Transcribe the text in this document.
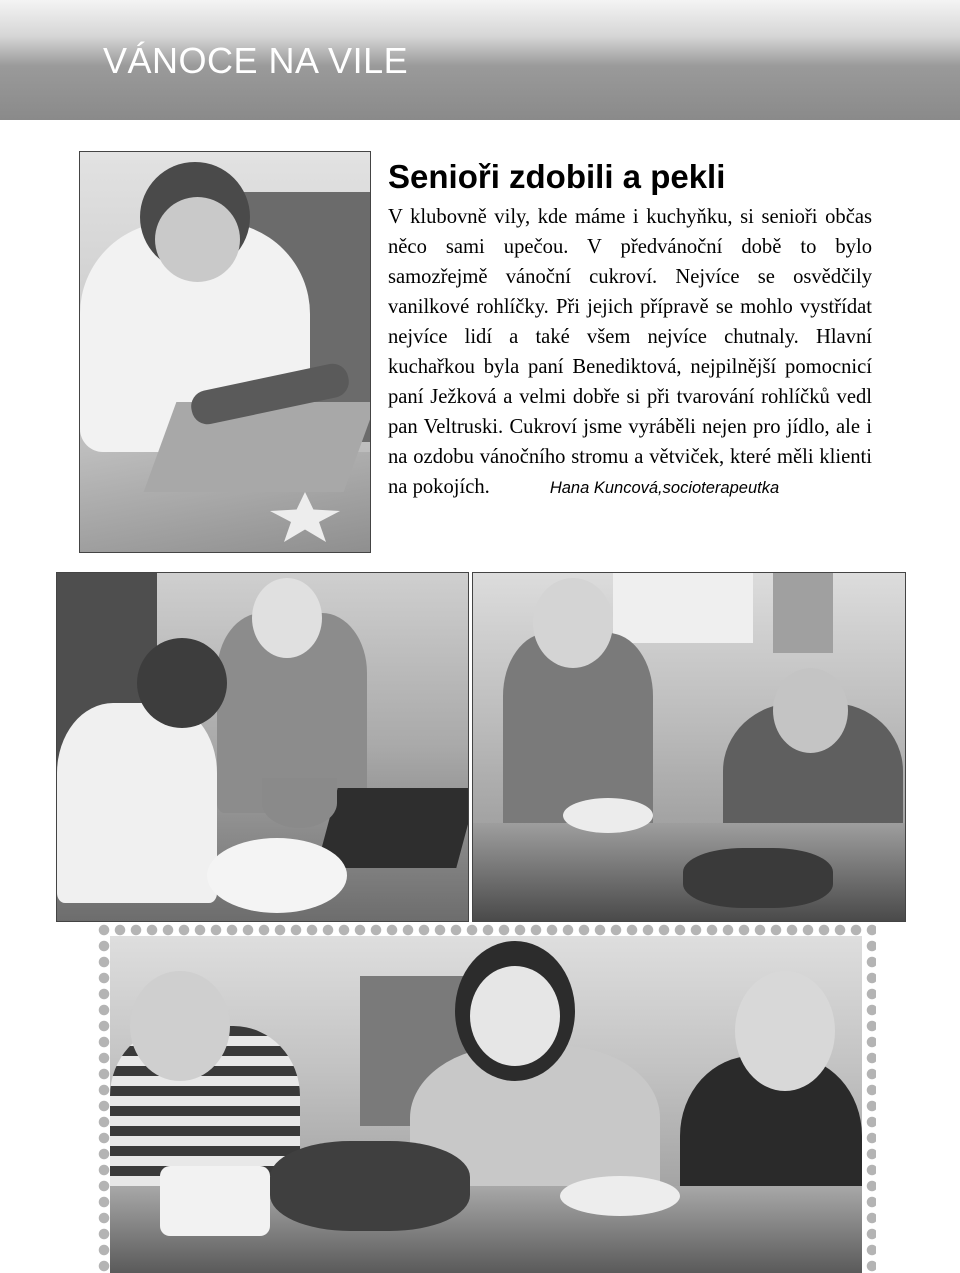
VÁNOCE NA VILE
Senioři zdobili a pekli

V klubovně vily, kde máme i kuchyňku, si senioři občas něco sami upečou. V předvánoční době to bylo samozřejmě vánoční cukroví. Nejvíce se osvědčily vanilkové rohlíčky. Při jejich přípravě se mohlo vystřídat nejvíce lidí a také všem nejvíce chutnaly. Hlavní kuchařkou byla paní Benediktová, nejpilnější pomocnicí paní Ježková a velmi dobře si při tvarování rohlíčků vedl pan Veltruski. Cukroví jsme vyráběli nejen pro jídlo, ale i na ozdobu vánočního stromu a větviček, které měli klienti na pokojích.	Hana Kuncová,socioterapeutka
